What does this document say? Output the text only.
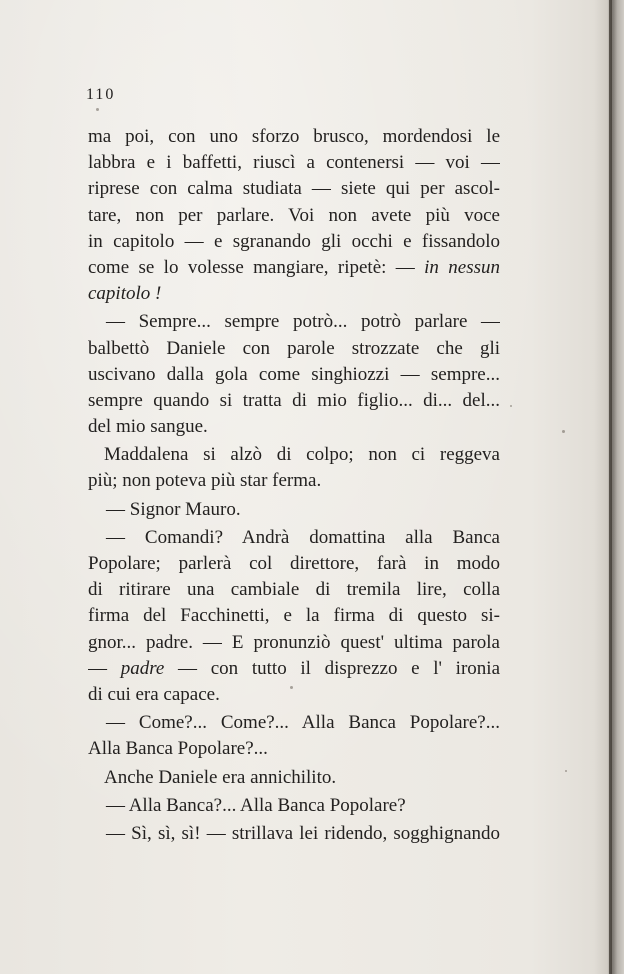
110
ma poi, con uno sforzo brusco, mordendosi le
labbra e i baffetti, riuscì a contenersi — voi —
riprese con calma studiata — siete qui per ascol-
tare, non per parlare. Voi non avete più voce
in capitolo — e sgranando gli occhi e fissandolo
come se lo volesse mangiare, ripetè: — in nessun
capitolo !
— Sempre... sempre potrò... potrò parlare —
balbettò Daniele con parole strozzate che gli
uscivano dalla gola come singhiozzi — sempre...
sempre quando si tratta di mio figlio... di... del...
del mio sangue.
Maddalena si alzò di colpo; non ci reggeva
più; non poteva più star ferma.
— Signor Mauro.
— Comandi? Andrà domattina alla Banca
Popolare; parlerà col direttore, farà in modo
di ritirare una cambiale di tremila lire, colla
firma del Facchinetti, e la firma di questo si-
gnor... padre. — E pronunziò quest' ultima parola
— padre — con tutto il disprezzo e l' ironia
di cui era capace.
— Come?... Come?... Alla Banca Popolare?...
Alla Banca Popolare?...
Anche Daniele era annichilito.
— Alla Banca?... Alla Banca Popolare?
— Sì, sì, sì! — strillava lei ridendo, sogghignando
